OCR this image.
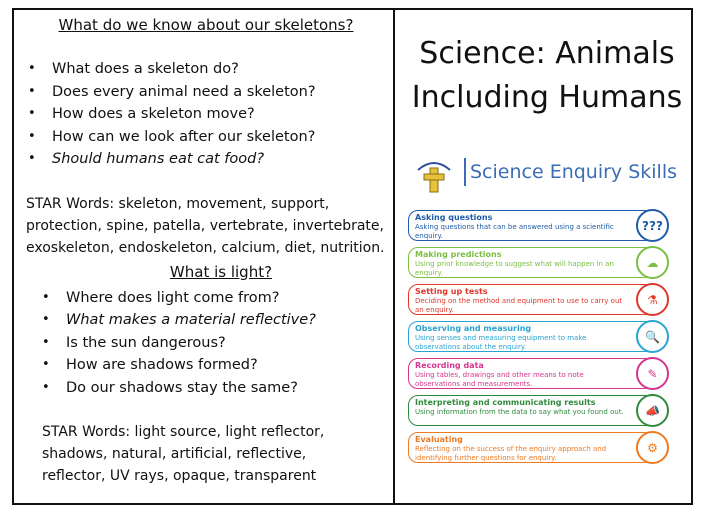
What do we know about our skeletons?
• What does a skeleton do?
• Does every animal need a skeleton?
• How does a skeleton move?
• How can we look after our skeleton?
• Should humans eat cat food?
STAR Words: skeleton, movement, support, protection, spine, patella, vertebrate, invertebrate, exoskeleton, endoskeleton, calcium, diet, nutrition.
What is light?
• Where does light come from?
• What makes a material reflective?
• Is the sun dangerous?
• How are shadows formed?
• Do our shadows stay the same?
STAR Words: light source, light reflector, shadows, natural, artificial, reflective, reflector, UV rays, opaque, transparent
Science: Animals
Including Humans
Science Enquiry Skills
Asking questions
Asking questions that can be answered using a scientific enquiry.
???
Making predictions
Using prior knowledge to suggest what will happen in an enquiry.
☁
Setting up tests
Deciding on the method and equipment to use to carry out an enquiry.
⚗
Observing and measuring
Using senses and measuring equipment to make observations about the enquiry.
🔍
Recording data
Using tables, drawings and other means to note observations and measurements.
✎
Interpreting and communicating results
Using information from the data to say what you found out.	📣
Evaluating
Reflecting on the success of the enquiry approach and identifying further questions for enquiry.
⚙
